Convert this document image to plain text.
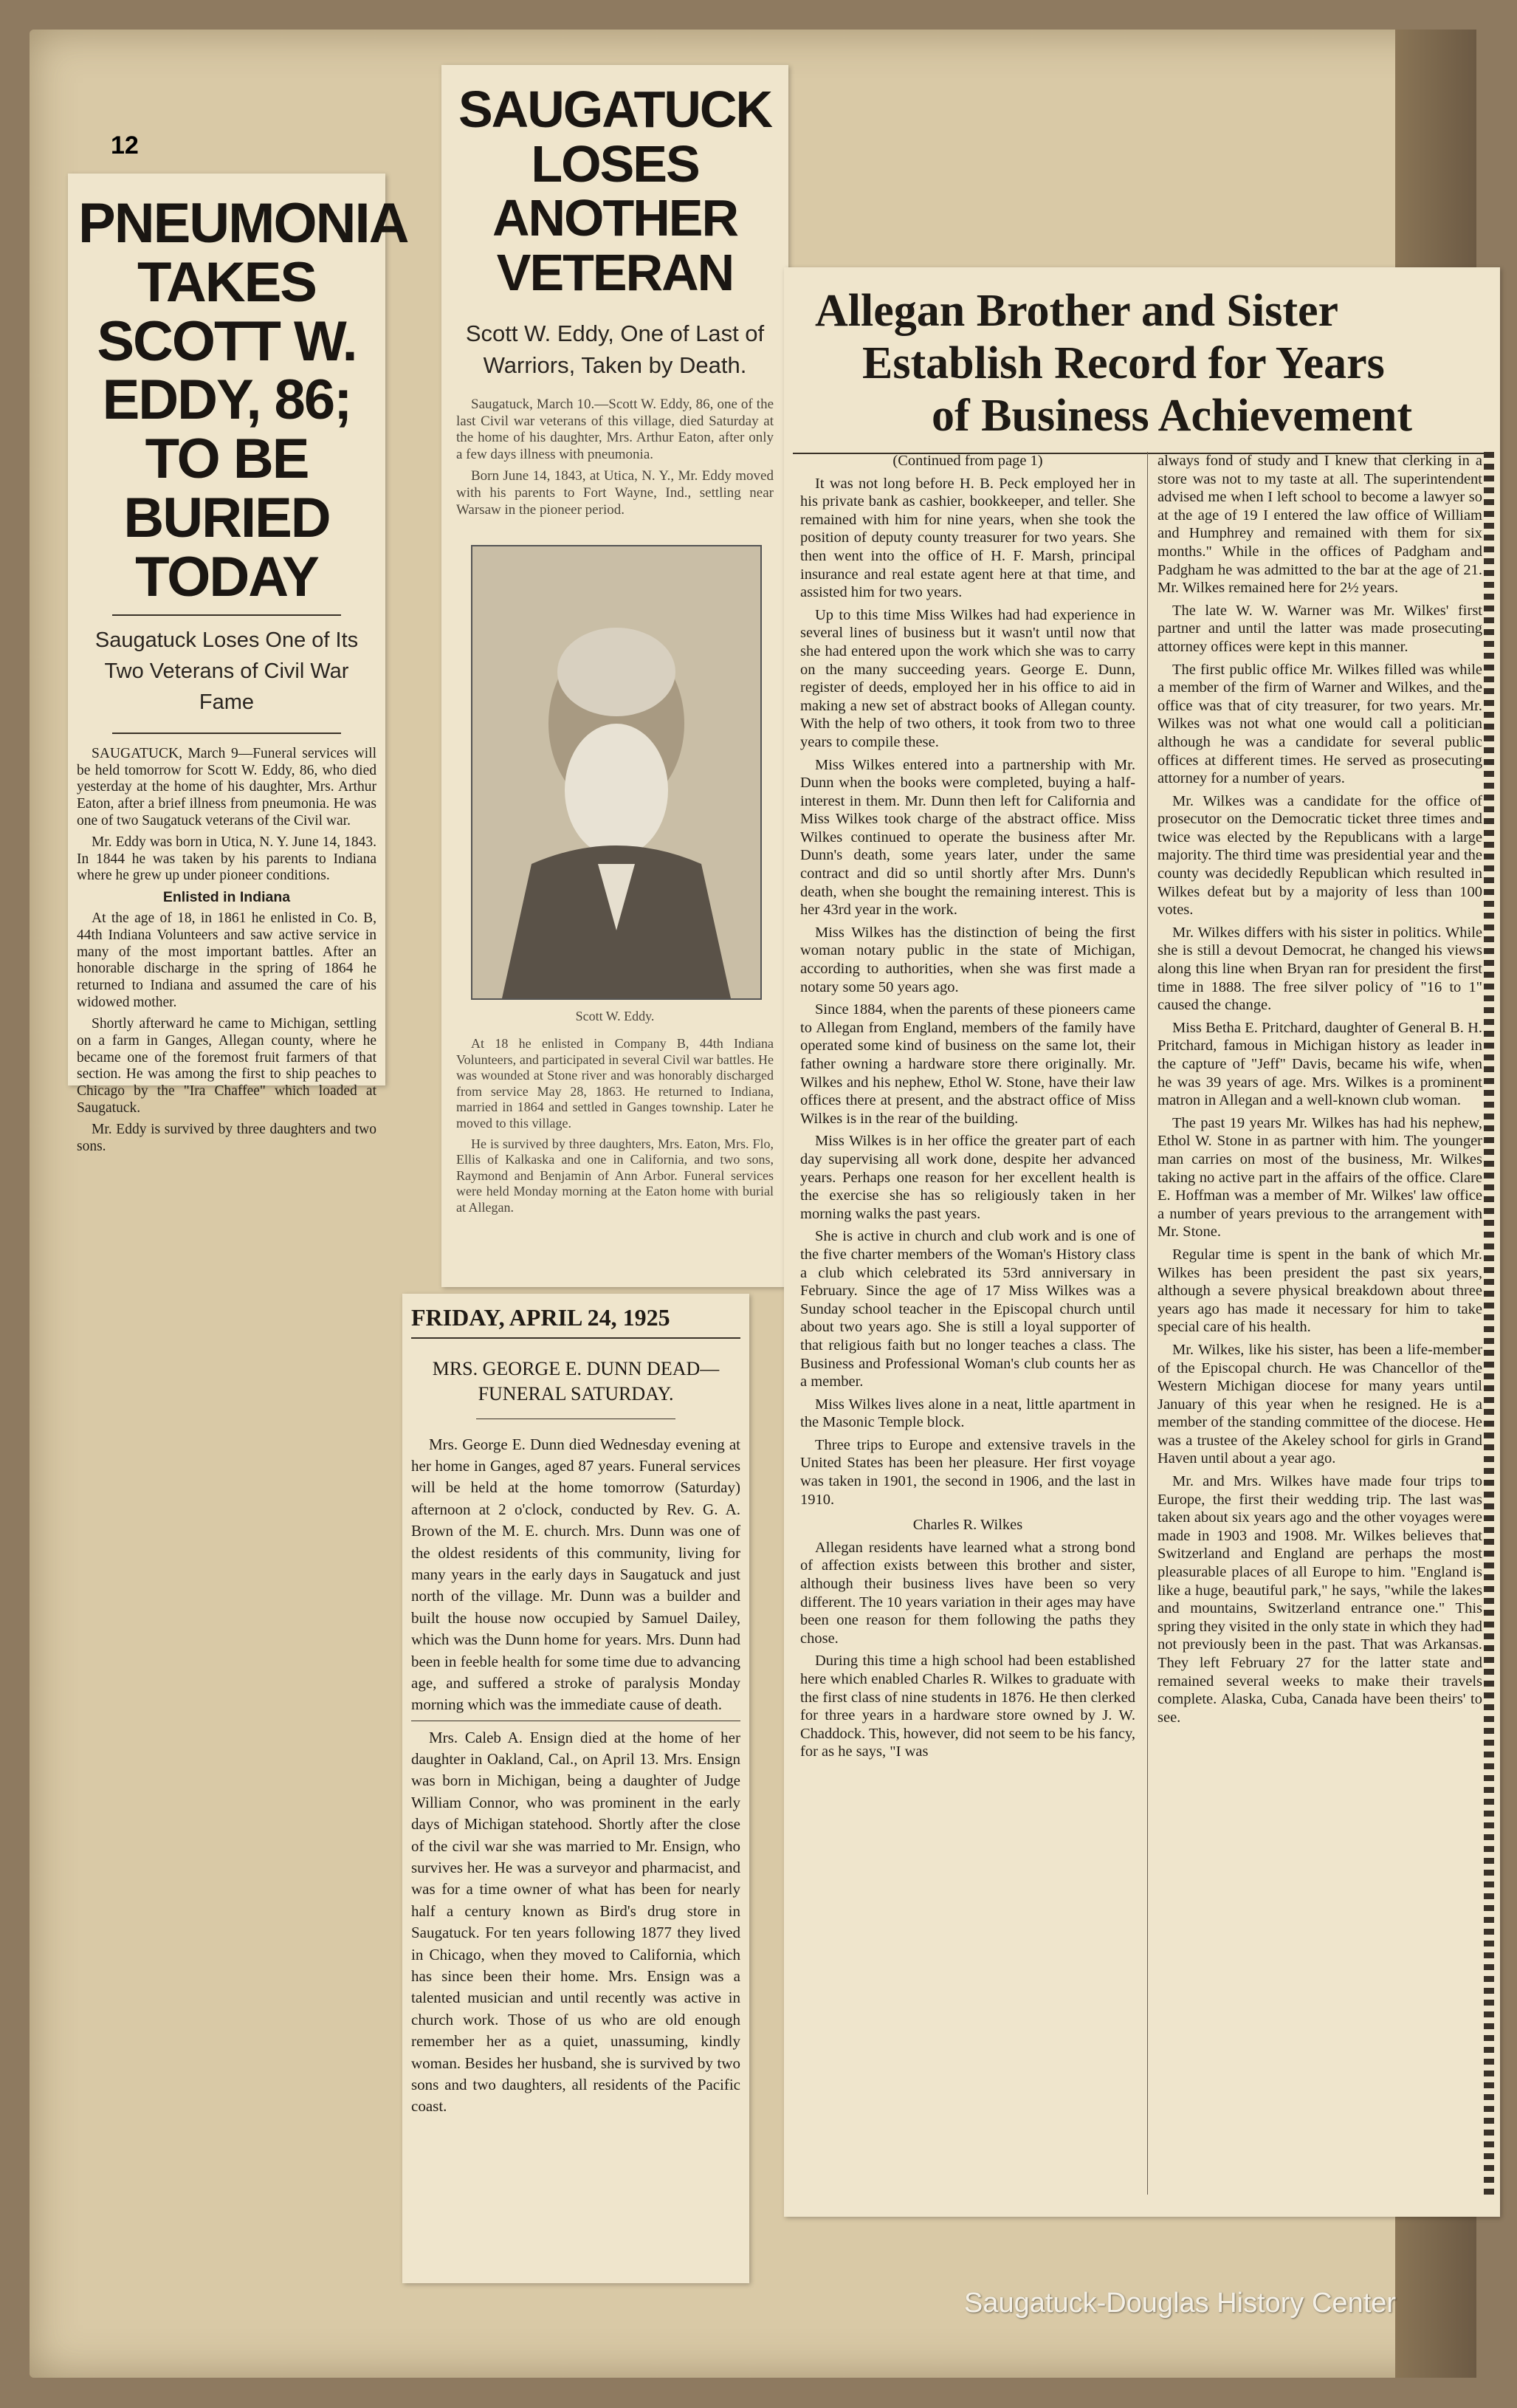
12
PNEUMONIA TAKES SCOTT W. EDDY, 86; TO BE BURIED TODAY
Saugatuck Loses One of Its Two Veterans of Civil War Fame

SAUGATUCK, March 9—Funeral services will be held tomorrow for Scott W. Eddy, 86, who died yesterday at the home of his daughter, Mrs. Arthur Eaton, after a brief illness from pneumonia. He was one of two Saugatuck veterans of the Civil war.

Mr. Eddy was born in Utica, N. Y. June 14, 1843. In 1844 he was taken by his parents to Indiana where he grew up under pioneer conditions.

Enlisted in Indiana

At the age of 18, in 1861 he enlisted in Co. B, 44th Indiana Volunteers and saw active service in many of the most important battles. After an honorable discharge in the spring of 1864 he returned to Indiana and assumed the care of his widowed mother.

Shortly afterward he came to Michigan, settling on a farm in Ganges, Allegan county, where he became one of the foremost fruit farmers of that section. He was among the first to ship peaches to Chicago by the "Ira Chaffee" which loaded at Saugatuck.

Mr. Eddy is survived by three daughters and two sons.

SAUGATUCK LOSES ANOTHER VETERAN
Scott W. Eddy, One of Last of Warriors, Taken by Death.

Saugatuck, March 10.—Scott W. Eddy, 86, one of the last Civil war veterans of this village, died Saturday at the home of his daughter, Mrs. Arthur Eaton, after only a few days illness with pneumonia.

Born June 14, 1843, at Utica, N. Y., Mr. Eddy moved with his parents to Fort Wayne, Ind., settling near Warsaw in the pioneer period.

Scott W. Eddy.

At 18 he enlisted in Company B, 44th Indiana Volunteers, and participated in several Civil war battles. He was wounded at Stone river and was honorably discharged from service May 28, 1863. He returned to Indiana, married in 1864 and settled in Ganges township. Later he moved to this village.

He is survived by three daughters, Mrs. Eaton, Mrs. Flo, Ellis of Kalkaska and one in California, and two sons, Raymond and Benjamin of Ann Arbor. Funeral services were held Monday morning at the Eaton home with burial at Allegan.

FRIDAY, APRIL 24, 1925
MRS. GEORGE E. DUNN DEAD— FUNERAL SATURDAY.

Mrs. George E. Dunn died Wednesday evening at her home in Ganges, aged 87 years. Funeral services will be held at the home tomorrow (Saturday) afternoon at 2 o'clock, conducted by Rev. G. A. Brown of the M. E. church. Mrs. Dunn was one of the oldest residents of this community, living for many years in the early days in Saugatuck and just north of the village. Mr. Dunn was a builder and built the house now occupied by Samuel Dailey, which was the Dunn home for years. Mrs. Dunn had been in feeble health for some time due to advancing age, and suffered a stroke of paralysis Monday morning which was the immediate cause of death.

Mrs. Caleb A. Ensign died at the home of her daughter in Oakland, Cal., on April 13. Mrs. Ensign was born in Michigan, being a daughter of Judge William Connor, who was prominent in the early days of Michigan statehood. Shortly after the close of the civil war she was married to Mr. Ensign, who survives her. He was a surveyor and pharmacist, and was for a time owner of what has been for nearly half a century known as Bird's drug store in Saugatuck. For ten years following 1877 they lived in Chicago, when they moved to California, which has since been their home. Mrs. Ensign was a talented musician and until recently was active in church work. Those of us who are old enough remember her as a quiet, unassuming, kindly woman. Besides her husband, she is survived by two sons and two daughters, all residents of the Pacific coast.

Allegan Brother and Sister
Establish Record for Years
of Business Achievement

(Continued from page 1)

It was not long before H. B. Peck employed her in his private bank as cashier, bookkeeper, and teller. She remained with him for nine years, when she took the position of deputy county treasurer for two years. She then went into the office of H. F. Marsh, principal insurance and real estate agent here at that time, and assisted him for two years.

Up to this time Miss Wilkes had had experience in several lines of business but it wasn't until now that she had entered upon the work which she was to carry on the many succeeding years. George E. Dunn, register of deeds, employed her in his office to aid in making a new set of abstract books of Allegan county. With the help of two others, it took from two to three years to compile these.

Miss Wilkes entered into a partnership with Mr. Dunn when the books were completed, buying a half-interest in them. Mr. Dunn then left for California and Miss Wilkes took charge of the abstract office. Miss Wilkes continued to operate the business after Mr. Dunn's death, some years later, under the same contract and did so until shortly after Mrs. Dunn's death, when she bought the remaining interest. This is her 43rd year in the work.

Miss Wilkes has the distinction of being the first woman notary public in the state of Michigan, according to authorities, when she was first made a notary some 50 years ago.

Since 1884, when the parents of these pioneers came to Allegan from England, members of the family have operated some kind of business on the same lot, their father owning a hardware store there originally. Mr. Wilkes and his nephew, Ethol W. Stone, have their law offices there at present, and the abstract office of Miss Wilkes is in the rear of the building.

Miss Wilkes is in her office the greater part of each day supervising all work done, despite her advanced years. Perhaps one reason for her excellent health is the exercise she has so religiously taken in her morning walks the past years.

She is active in church and club work and is one of the five charter members of the Woman's History class a club which celebrated its 53rd anniversary in February. Since the age of 17 Miss Wilkes was a Sunday school teacher in the Episcopal church until about two years ago. She is still a loyal supporter of that religious faith but no longer teaches a class. The Business and Professional Woman's club counts her as a member.

Miss Wilkes lives alone in a neat, little apartment in the Masonic Temple block.

Three trips to Europe and extensive travels in the United States has been her pleasure. Her first voyage was taken in 1901, the second in 1906, and the last in 1910.

Charles R. Wilkes

Allegan residents have learned what a strong bond of affection exists between this brother and sister, although their business lives have been so very different. The 10 years variation in their ages may have been one reason for them following the paths they chose.

During this time a high school had been established here which enabled Charles R. Wilkes to graduate with the first class of nine students in 1876. He then clerked for three years in a hardware store owned by J. W. Chaddock. This, however, did not seem to be his fancy, for as he says, "I was

always fond of study and I knew that clerking in a store was not to my taste at all. The superintendent advised me when I left school to become a lawyer so at the age of 19 I entered the law office of William and Humphrey and remained with them for six months." While in the offices of Padgham and Padgham he was admitted to the bar at the age of 21. Mr. Wilkes remained here for 2½ years.

The late W. W. Warner was Mr. Wilkes' first partner and until the latter was made prosecuting attorney offices were kept in this manner.

The first public office Mr. Wilkes filled was while a member of the firm of Warner and Wilkes, and the office was that of city treasurer, for two years. Mr. Wilkes was not what one would call a politician although he was a candidate for several public offices at different times. He served as prosecuting attorney for a number of years.

Mr. Wilkes was a candidate for the office of prosecutor on the Democratic ticket three times and twice was elected by the Republicans with a large majority. The third time was presidential year and the county was decidedly Republican which resulted in Wilkes defeat but by a majority of less than 100 votes.

Mr. Wilkes differs with his sister in politics. While she is still a devout Democrat, he changed his views along this line when Bryan ran for president the first time in 1888. The free silver policy of "16 to 1" caused the change.

Miss Betha E. Pritchard, daughter of General B. H. Pritchard, famous in Michigan history as leader in the capture of "Jeff" Davis, became his wife, when he was 39 years of age. Mrs. Wilkes is a prominent matron in Allegan and a well-known club woman.

The past 19 years Mr. Wilkes has had his nephew, Ethol W. Stone in as partner with him. The younger man carries on most of the business, Mr. Wilkes taking no active part in the affairs of the office. Clare E. Hoffman was a member of Mr. Wilkes' law office a number of years previous to the arrangement with Mr. Stone.

Regular time is spent in the bank of which Mr. Wilkes has been president the past six years, although a severe physical breakdown about three years ago has made it necessary for him to take special care of his health.

Mr. Wilkes, like his sister, has been a life-member of the Episcopal church. He was Chancellor of the Western Michigan diocese for many years until January of this year when he resigned. He is a member of the standing committee of the diocese. He was a trustee of the Akeley school for girls in Grand Haven until about a year ago.

Mr. and Mrs. Wilkes have made four trips to Europe, the first their wedding trip. The last was taken about six years ago and the other voyages were made in 1903 and 1908. Mr. Wilkes believes that Switzerland and England are perhaps the most pleasurable places of all Europe to him. "England is like a huge, beautiful park," he says, "while the lakes and mountains, Switzerland entrance one." This spring they visited in the only state in which they had not previously been in the past. That was Arkansas. They left February 27 for the latter state and remained several weeks to make their travels complete. Alaska, Cuba, Canada have been theirs' to see.

Saugatuck-Douglas History Center
